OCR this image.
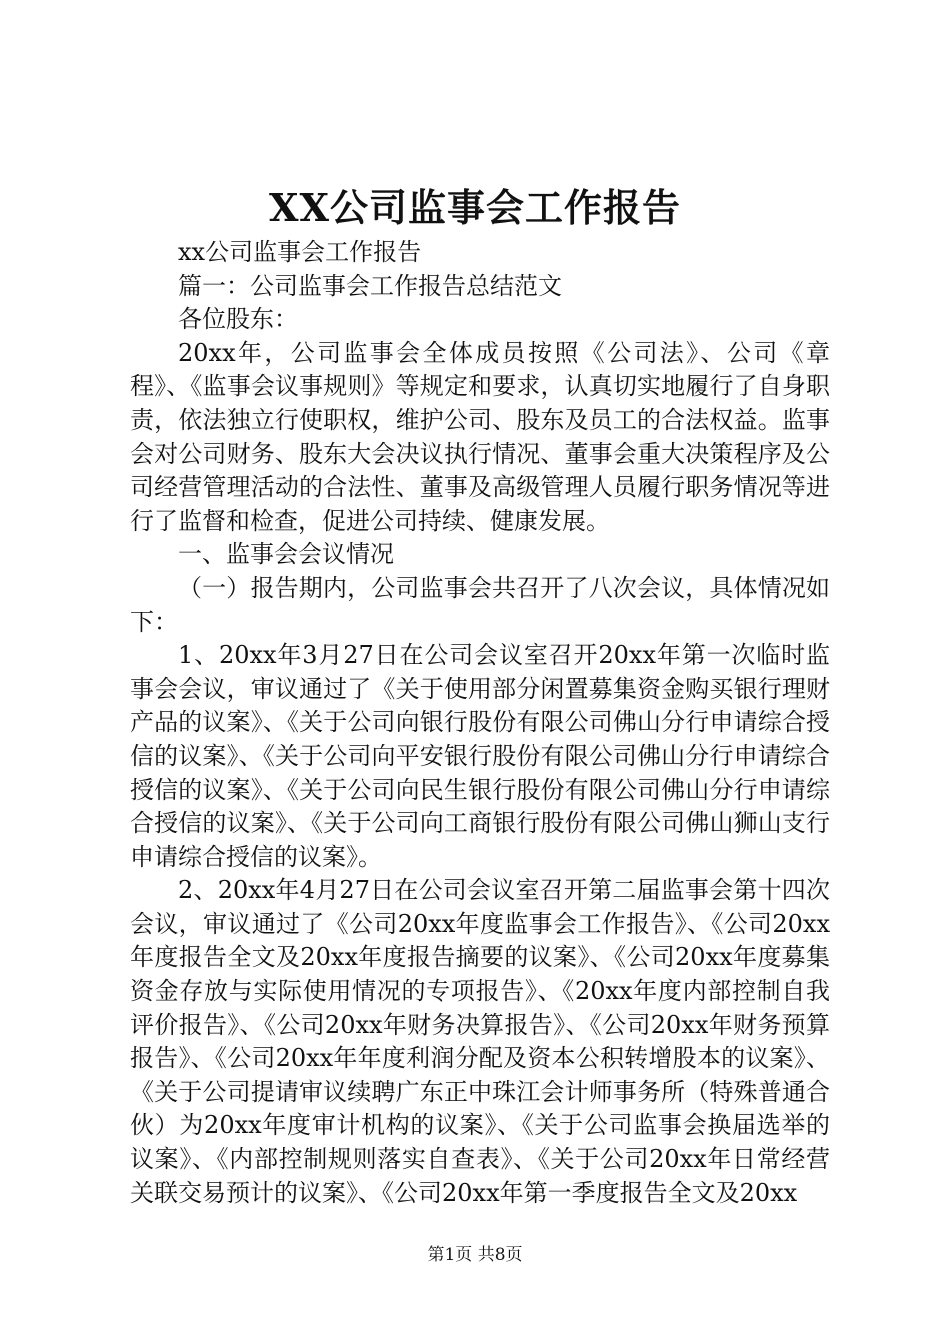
XX公司监事会工作报告

xx公司监事会工作报告

篇一：公司监事会工作报告总结范文

各位股东：

20xx年，公司监事会全体成员按照《公司法》、公司《章程》、《监事会议事规则》等规定和要求，认真切实地履行了自身职责，依法独立行使职权，维护公司、股东及员工的合法权益。监事会对公司财务、股东大会决议执行情况、董事会重大决策程序及公司经营管理活动的合法性、董事及高级管理人员履行职务情况等进行了监督和检查，促进公司持续、健康发展。

一、监事会会议情况

（一）报告期内，公司监事会共召开了八次会议，具体情况如下：

1、20xx年3月27日在公司会议室召开20xx年第一次临时监事会会议，审议通过了《关于使用部分闲置募集资金购买银行理财产品的议案》、《关于公司向银行股份有限公司佛山分行申请综合授信的议案》、《关于公司向平安银行股份有限公司佛山分行申请综合授信的议案》、《关于公司向民生银行股份有限公司佛山分行申请综合授信的议案》、《关于公司向工商银行股份有限公司佛山狮山支行申请综合授信的议案》。

2、20xx年4月27日在公司会议室召开第二届监事会第十四次会议，审议通过了《公司20xx年度监事会工作报告》、《公司20xx年度报告全文及20xx年度报告摘要的议案》、《公司20xx年度募集资金存放与实际使用情况的专项报告》、《20xx年度内部控制自我评价报告》、《公司20xx年财务决算报告》、《公司20xx年财务预算报告》、《公司20xx年年度利润分配及资本公积转增股本的议案》、《关于公司提请审议续聘广东正中珠江会计师事务所（特殊普通合伙）为20xx年度审计机构的议案》、《关于公司监事会换届选举的议案》、《内部控制规则落实自查表》、《关于公司20xx年日常经营关联交易预计的议案》、《公司20xx年第一季度报告全文及20xx

第1页 共8页
